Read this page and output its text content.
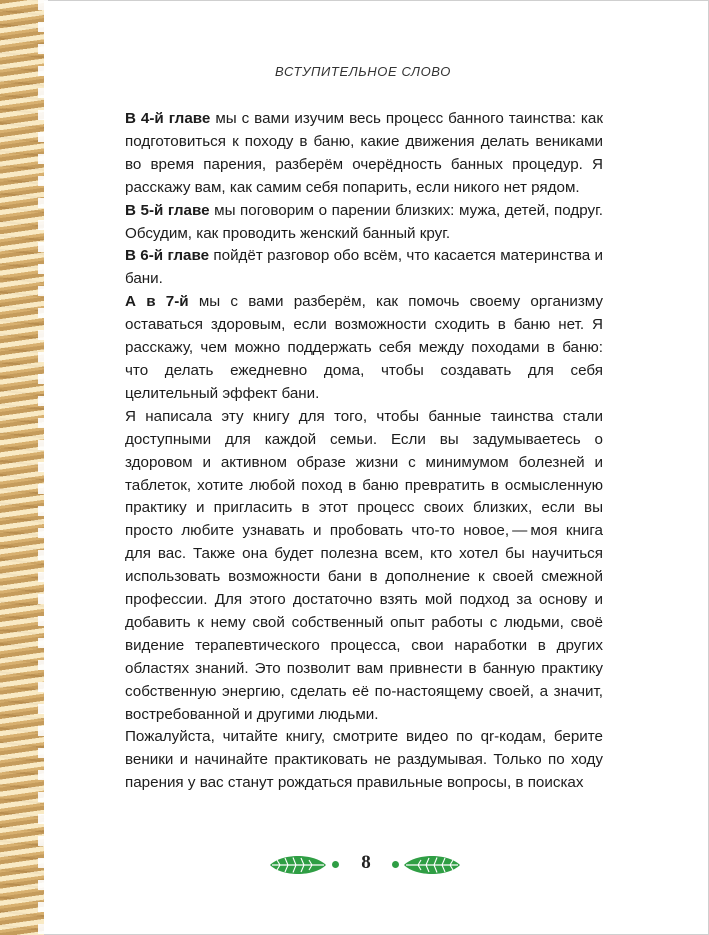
ВСТУПИТЕЛЬНОЕ СЛОВО

В 4-й главе мы с вами изучим весь процесс банного таинства: как подготовиться к походу в баню, какие движения делать вениками во время парения, разберём очерёдность банных процедур. Я расскажу вам, как самим себя попарить, если никого нет рядом.

В 5-й главе мы поговорим о парении близких: мужа, детей, подруг. Обсудим, как проводить женский банный круг.

В 6-й главе пойдёт разговор обо всём, что касается материнства и бани.

А в 7-й мы с вами разберём, как помочь своему организму оставаться здоровым, если возможности сходить в баню нет. Я расскажу, чем можно поддержать себя между походами в баню: что делать ежедневно дома, чтобы создавать для себя целительный эффект бани.

Я написала эту книгу для того, чтобы банные таинства стали доступными для каждой семьи. Если вы задумываетесь о здоровом и активном образе жизни с минимумом болезней и таблеток, хотите любой поход в баню превратить в осмысленную практику и пригласить в этот процесс своих близких, если вы просто любите узнавать и пробовать что-то новое, — моя книга для вас. Также она будет полезна всем, кто хотел бы научиться использовать возможности бани в дополнение к своей смежной профессии. Для этого достаточно взять мой подход за основу и добавить к нему свой собственный опыт работы с людьми, своё видение терапевтического процесса, свои наработки в других областях знаний. Это позволит вам привнести в банную практику собственную энергию, сделать её по-настоящему своей, а значит, востребованной и другими людьми.

Пожалуйста, читайте книгу, смотрите видео по qr-кодам, берите веники и начинайте практиковать не раздумывая. Только по ходу парения у вас станут рождаться правильные вопросы, в поисках

8
